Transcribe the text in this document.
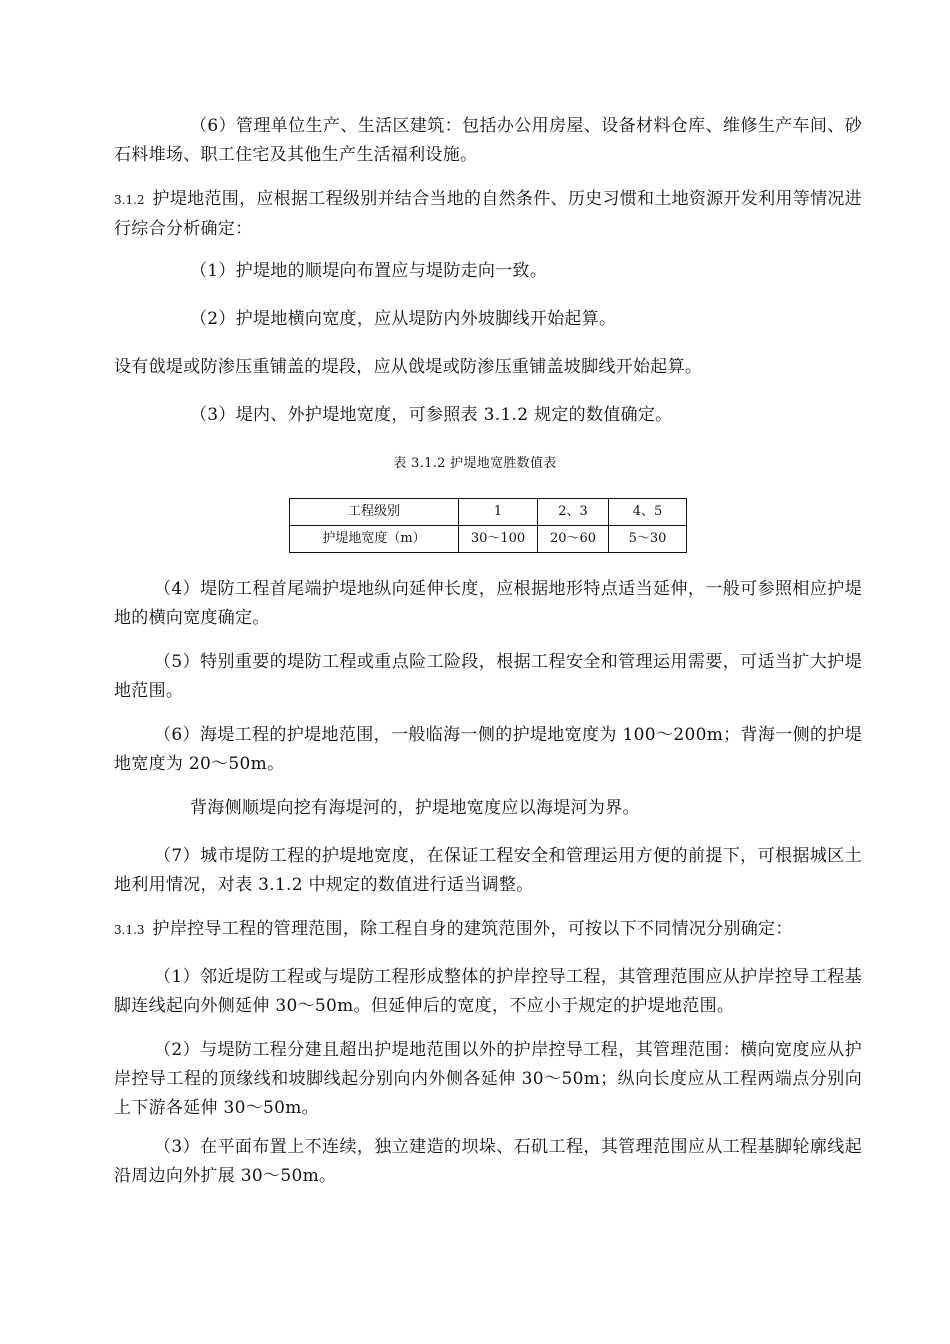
（6）管理单位生产、生活区建筑：包括办公用房屋、设备材料仓库、维修生产车间、砂石料堆场、职工住宅及其他生产生活福利设施。

3.1.2 护堤地范围，应根据工程级别并结合当地的自然条件、历史习惯和土地资源开发利用等情况进行综合分析确定：

（1）护堤地的顺堤向布置应与堤防走向一致。

（2）护堤地横向宽度，应从堤防内外坡脚线开始起算。

设有戗堤或防渗压重铺盖的堤段，应从戗堤或防渗压重铺盖坡脚线开始起算。

（3）堤内、外护堤地宽度，可参照表 3.1.2 规定的数值确定。

表 3.1.2 护堤地宽胜数值表
工程级别	1	2、3	4、5
护堤地宽度（m）	30～100	20～60	5～30

（4）堤防工程首尾端护堤地纵向延伸长度，应根据地形特点适当延伸，一般可参照相应护堤地的横向宽度确定。

（5）特别重要的堤防工程或重点险工险段，根据工程安全和管理运用需要，可适当扩大护堤地范围。

（6）海堤工程的护堤地范围，一般临海一侧的护堤地宽度为 100～200m；背海一侧的护堤地宽度为 20～50m。

背海侧顺堤向挖有海堤河的，护堤地宽度应以海堤河为界。

（7）城市堤防工程的护堤地宽度，在保证工程安全和管理运用方便的前提下，可根据城区土地利用情况，对表 3.1.2 中规定的数值进行适当调整。

3.1.3 护岸控导工程的管理范围，除工程自身的建筑范围外，可按以下不同情况分别确定：

（1）邻近堤防工程或与堤防工程形成整体的护岸控导工程，其管理范围应从护岸控导工程基脚连线起向外侧延伸 30～50m。但延伸后的宽度，不应小于规定的护堤地范围。

（2）与堤防工程分建且超出护堤地范围以外的护岸控导工程，其管理范围：横向宽度应从护岸控导工程的顶缘线和坡脚线起分别向内外侧各延伸 30～50m；纵向长度应从工程两端点分别向上下游各延伸 30～50m。

（3）在平面布置上不连续，独立建造的坝垛、石矶工程，其管理范围应从工程基脚轮廓线起沿周边向外扩展 30～50m。
